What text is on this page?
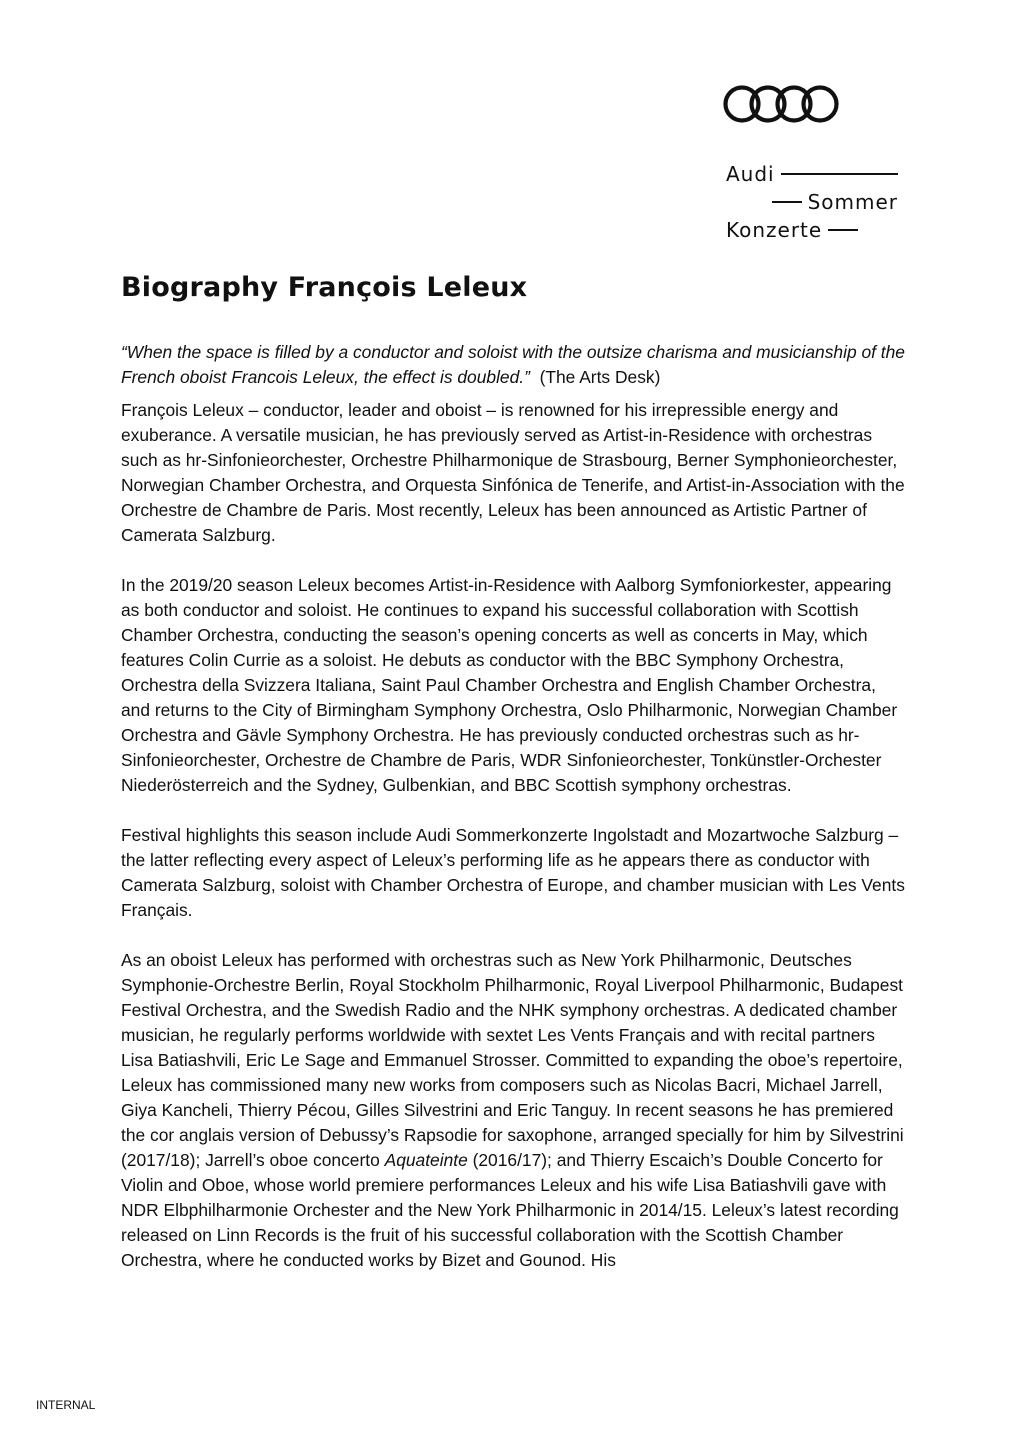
Audi
Sommer
Konzerte
Biography François Leleux

“When the space is filled by a conductor and soloist with the outsize charisma and musicianship of the French oboist Francois Leleux, the effect is doubled.” (The Arts Desk)

François Leleux – conductor, leader and oboist – is renowned for his irrepressible energy and exuberance. A versatile musician, he has previously served as Artist-in-Residence with orchestras such as hr-Sinfonieorchester, Orchestre Philharmonique de Strasbourg, Berner Symphonieorchester, Norwegian Chamber Orchestra, and Orquesta Sinfónica de Tenerife, and Artist-in-Association with the Orchestre de Chambre de Paris. Most recently, Leleux has been announced as Artistic Partner of Camerata Salzburg.

In the 2019/20 season Leleux becomes Artist-in-Residence with Aalborg Symfoniorkester, appearing as both conductor and soloist. He continues to expand his successful collaboration with Scottish Chamber Orchestra, conducting the season’s opening concerts as well as concerts in May, which features Colin Currie as a soloist. He debuts as conductor with the BBC Symphony Orchestra, Orchestra della Svizzera Italiana, Saint Paul Chamber Orchestra and English Chamber Orchestra, and returns to the City of Birmingham Symphony Orchestra, Oslo Philharmonic, Norwegian Chamber Orchestra and Gävle Symphony Orchestra. He has previously conducted orchestras such as hr-Sinfonieorchester, Orchestre de Chambre de Paris, WDR Sinfonieorchester, Tonkünstler-Orchester Niederösterreich and the Sydney, Gulbenkian, and BBC Scottish symphony orchestras.

Festival highlights this season include Audi Sommerkonzerte Ingolstadt and Mozartwoche Salzburg – the latter reflecting every aspect of Leleux’s performing life as he appears there as conductor with Camerata Salzburg, soloist with Chamber Orchestra of Europe, and chamber musician with Les Vents Français.

As an oboist Leleux has performed with orchestras such as New York Philharmonic, Deutsches Symphonie-Orchestre Berlin, Royal Stockholm Philharmonic, Royal Liverpool Philharmonic, Budapest Festival Orchestra, and the Swedish Radio and the NHK symphony orchestras. A dedicated chamber musician, he regularly performs worldwide with sextet Les Vents Français and with recital partners Lisa Batiashvili, Eric Le Sage and Emmanuel Strosser. Committed to expanding the oboe’s repertoire, Leleux has commissioned many new works from composers such as Nicolas Bacri, Michael Jarrell, Giya Kancheli, Thierry Pécou, Gilles Silvestrini and Eric Tanguy. In recent seasons he has premiered the cor anglais version of Debussy’s Rapsodie for saxophone, arranged specially for him by Silvestrini (2017/18); Jarrell’s oboe concerto Aquateinte (2016/17); and Thierry Escaich’s Double Concerto for Violin and Oboe, whose world premiere performances Leleux and his wife Lisa Batiashvili gave with NDR Elbphilharmonie Orchester and the New York Philharmonic in 2014/15. Leleux’s latest recording released on Linn Records is the fruit of his successful collaboration with the Scottish Chamber Orchestra, where he conducted works by Bizet and Gounod. His

INTERNAL
